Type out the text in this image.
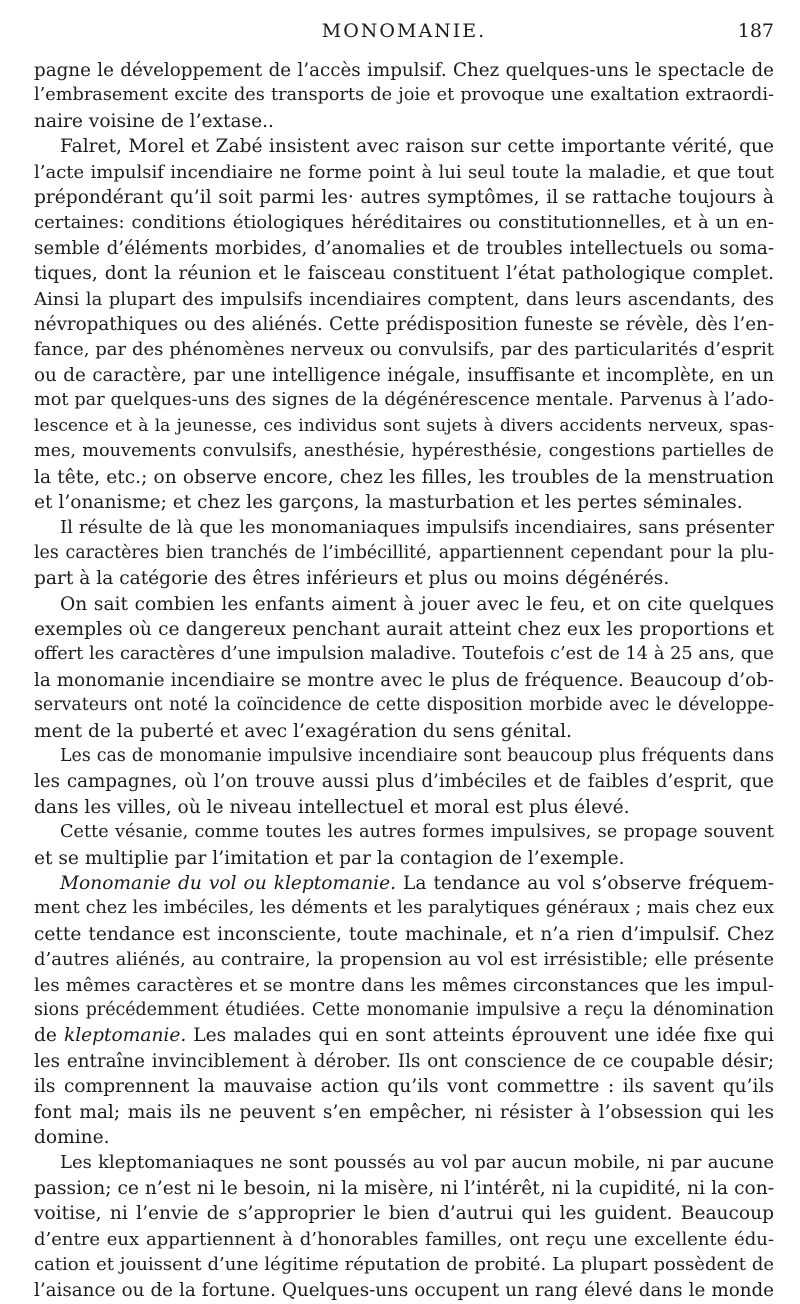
MONOMANIE.	187
pagne le développement de l’accès impulsif. Chez quelques-uns le spectacle de
l’embrasement excite des transports de joie et provoque une exaltation extraordi-
naire voisine de l’extase..
Falret, Morel et Zabé insistent avec raison sur cette importante vérité, que
l’acte impulsif incendiaire ne forme point à lui seul toute la maladie, et que tout
prépondérant qu’il soit parmi les· autres symptômes, il se rattache toujours à
certaines: conditions étiologiques héréditaires ou constitutionnelles, et à un en-
semble d’éléments morbides, d’anomalies et de troubles intellectuels ou soma-
tiques, dont la réunion et le faisceau constituent l’état pathologique complet.
Ainsi la plupart des impulsifs incendiaires comptent, dans leurs ascendants, des
névropathiques ou des aliénés. Cette prédisposition funeste se révèle, dès l’en-
fance, par des phénomènes nerveux ou convulsifs, par des particularités d’esprit
ou de caractère, par une intelligence inégale, insuffisante et incomplète, en un
mot par quelques-uns des signes de la dégénérescence mentale. Parvenus à l’ado-
lescence et à la jeunesse, ces individus sont sujets à divers accidents nerveux, spas-
mes, mouvements convulsifs, anesthésie, hypéresthésie, congestions partielles de
la tête, etc.; on observe encore, chez les filles, les troubles de la menstruation
et l’onanisme; et chez les garçons, la masturbation et les pertes séminales.
Il résulte de là que les monomaniaques impulsifs incendiaires, sans présenter
les caractères bien tranchés de l’imbécillité, appartiennent cependant pour la plu-
part à la catégorie des êtres inférieurs et plus ou moins dégénérés.
On sait combien les enfants aiment à jouer avec le feu, et on cite quelques
exemples où ce dangereux penchant aurait atteint chez eux les proportions et
offert les caractères d’une impulsion maladive. Toutefois c’est de 14 à 25 ans, que
la monomanie incendiaire se montre avec le plus de fréquence. Beaucoup d’ob-
servateurs ont noté la coïncidence de cette disposition morbide avec le développe-
ment de la puberté et avec l’exagération du sens génital.
Les cas de monomanie impulsive incendiaire sont beaucoup plus fréquents dans
les campagnes, où l’on trouve aussi plus d’imbéciles et de faibles d’esprit, que
dans les villes, où le niveau intellectuel et moral est plus élevé.
Cette vésanie, comme toutes les autres formes impulsives, se propage souvent
et se multiplie par l’imitation et par la contagion de l’exemple.
Monomanie du vol ou kleptomanie. La tendance au vol s’observe fréquem-
ment chez les imbéciles, les déments et les paralytiques généraux ; mais chez eux
cette tendance est inconsciente, toute machinale, et n’a rien d’impulsif. Chez
d’autres aliénés, au contraire, la propension au vol est irrésistible; elle présente
les mêmes caractères et se montre dans les mêmes circonstances que les impul-
sions précédemment étudiées. Cette monomanie impulsive a reçu la dénomination
de kleptomanie. Les malades qui en sont atteints éprouvent une idée fixe qui
les entraîne invinciblement à dérober. Ils ont conscience de ce coupable désir;
ils comprennent la mauvaise action qu’ils vont commettre : ils savent qu’ils
font mal; mais ils ne peuvent s’en empêcher, ni résister à l’obsession qui les
domine.
Les kleptomaniaques ne sont poussés au vol par aucun mobile, ni par aucune
passion; ce n’est ni le besoin, ni la misère, ni l’intérêt, ni la cupidité, ni la con-
voitise, ni l’envie de s’approprier le bien d’autrui qui les guident. Beaucoup
d’entre eux appartiennent à d’honorables familles, ont reçu une excellente édu-
cation et jouissent d’une légitime réputation de probité. La plupart possèdent de
l’aisance ou de la fortune. Quelques-uns occupent un rang élevé dans le monde
